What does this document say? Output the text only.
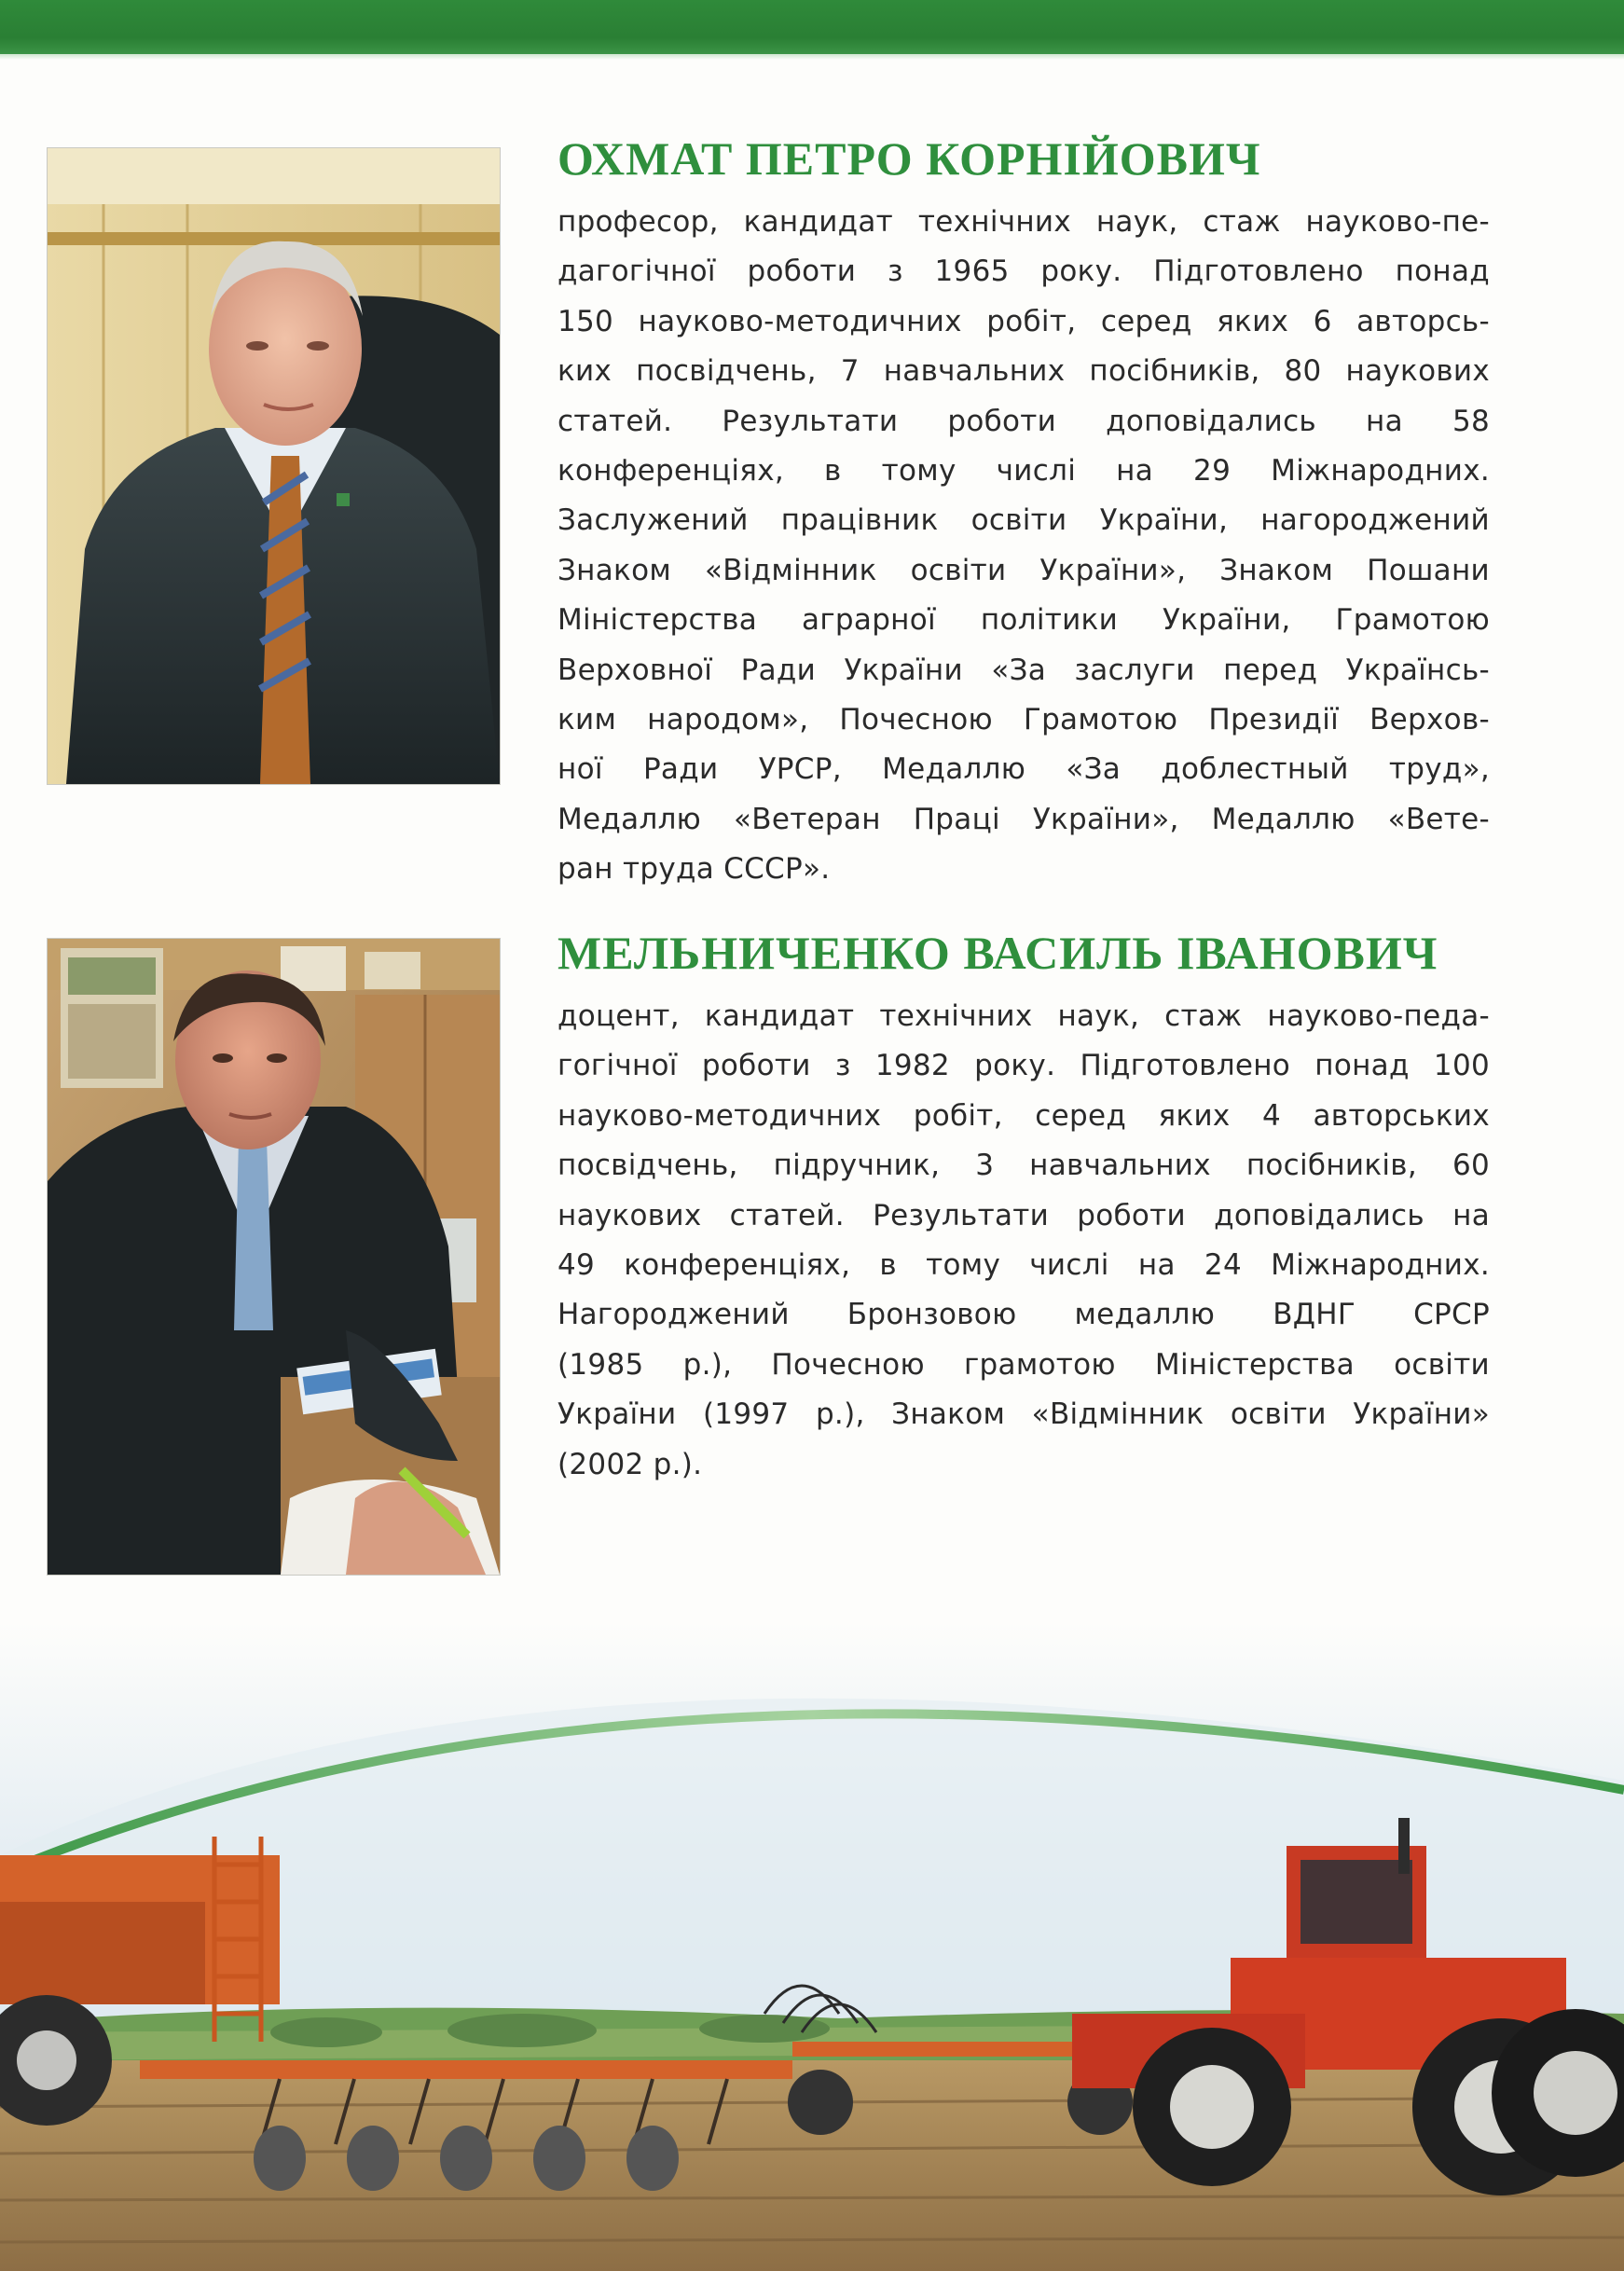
ОХМАТ ПЕТРО КОРНІЙОВИЧ

професор, кандидат технічних наук, стаж науково-пе-
дагогічної роботи з 1965 року. Підготовлено понад
150 науково-методичних робіт, серед яких 6 авторсь-
ких посвідчень, 7 навчальних посібників, 80 наукових
статей. Результати роботи доповідались на 58
конференціях, в тому числі на 29 Міжнародних.
Заслужений працівник освіти України, нагороджений
Знаком «Відмінник освіти України», Знаком Пошани
Міністерства аграрної політики України, Грамотою
Верховної Ради України «За заслуги перед Українсь-
ким народом», Почесною Грамотою Президії Верхов-
ної Ради УРСР, Медаллю «За доблестный труд»,
Медаллю «Ветеран Праці України», Медаллю «Вете-
ран труда СССР».

МЕЛЬНИЧЕНКО ВАСИЛЬ ІВАНОВИЧ

доцент, кандидат технічних наук, стаж науково-педа-
гогічної роботи з 1982 року. Підготовлено понад 100
науково-методичних робіт, серед яких 4 авторських
посвідчень, підручник, 3 навчальних посібників, 60
наукових статей. Результати роботи доповідались на
49 конференціях, в тому числі на 24 Міжнародних.
Нагороджений Бронзовою медаллю ВДНГ СРСР
(1985 р.), Почесною грамотою Міністерства освіти
України (1997 р.), Знаком «Відмінник освіти України»
(2002 р.).
